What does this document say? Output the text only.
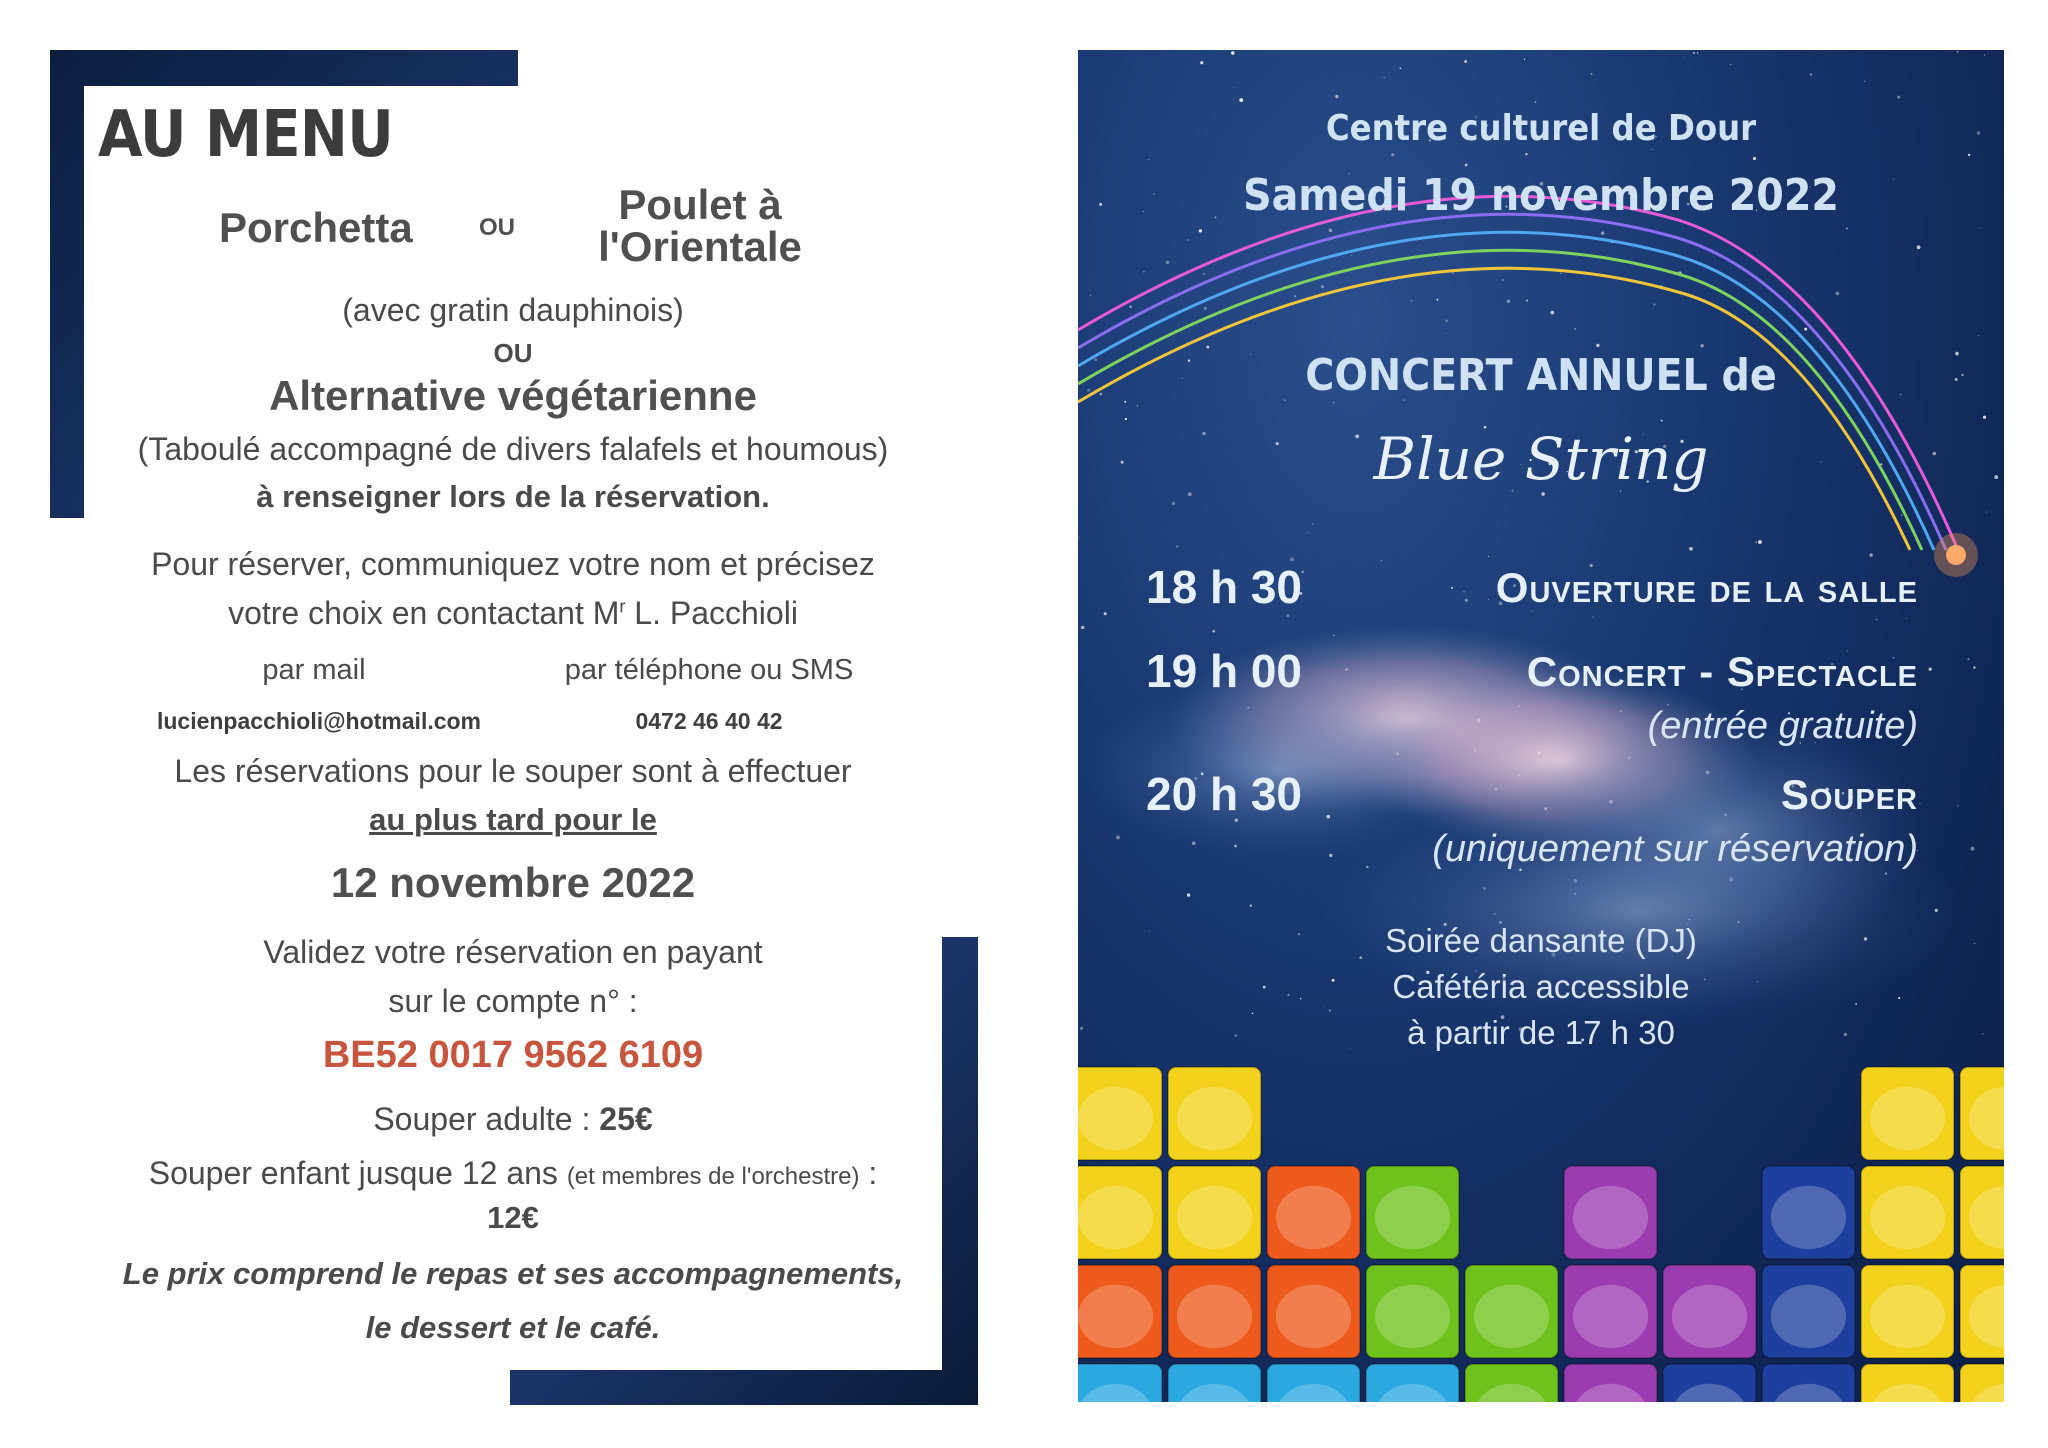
AU MENU
Porchetta	OU	Poulet à
l'Orientale
(avec gratin dauphinois)
OU
Alternative végétarienne
(Taboulé accompagné de divers falafels et houmous)
à renseigner lors de la réservation.
Pour réserver, communiquez votre nom et précisez
votre choix en contactant $M^r$ L. Pacchioli
par mail	par téléphone ou SMS
lucienpacchioli@hotmail.com	0472 46 40 42
Les réservations pour le souper sont à effectuer
au plus tard pour le
12 novembre 2022
Validez votre réservation en payant
sur le compte n° :
BE52 0017 9562 6109
Souper adulte : 25€
Souper enfant jusque 12 ans (et membres de l'orchestre) :
12€
Le prix comprend le repas et ses accompagnements,
le dessert et le café.
Centre culturel de Dour
Samedi 19 novembre 2022
CONCERT ANNUEL de
Blue String
18 h 30	Ouverture de la salle
19 h 00	Concert - Spectacle
(entrée gratuite)
20 h 30	Souper
(uniquement sur réservation)
Soirée dansante (DJ)
Cafétéria accessible
à partir de 17 h 30
